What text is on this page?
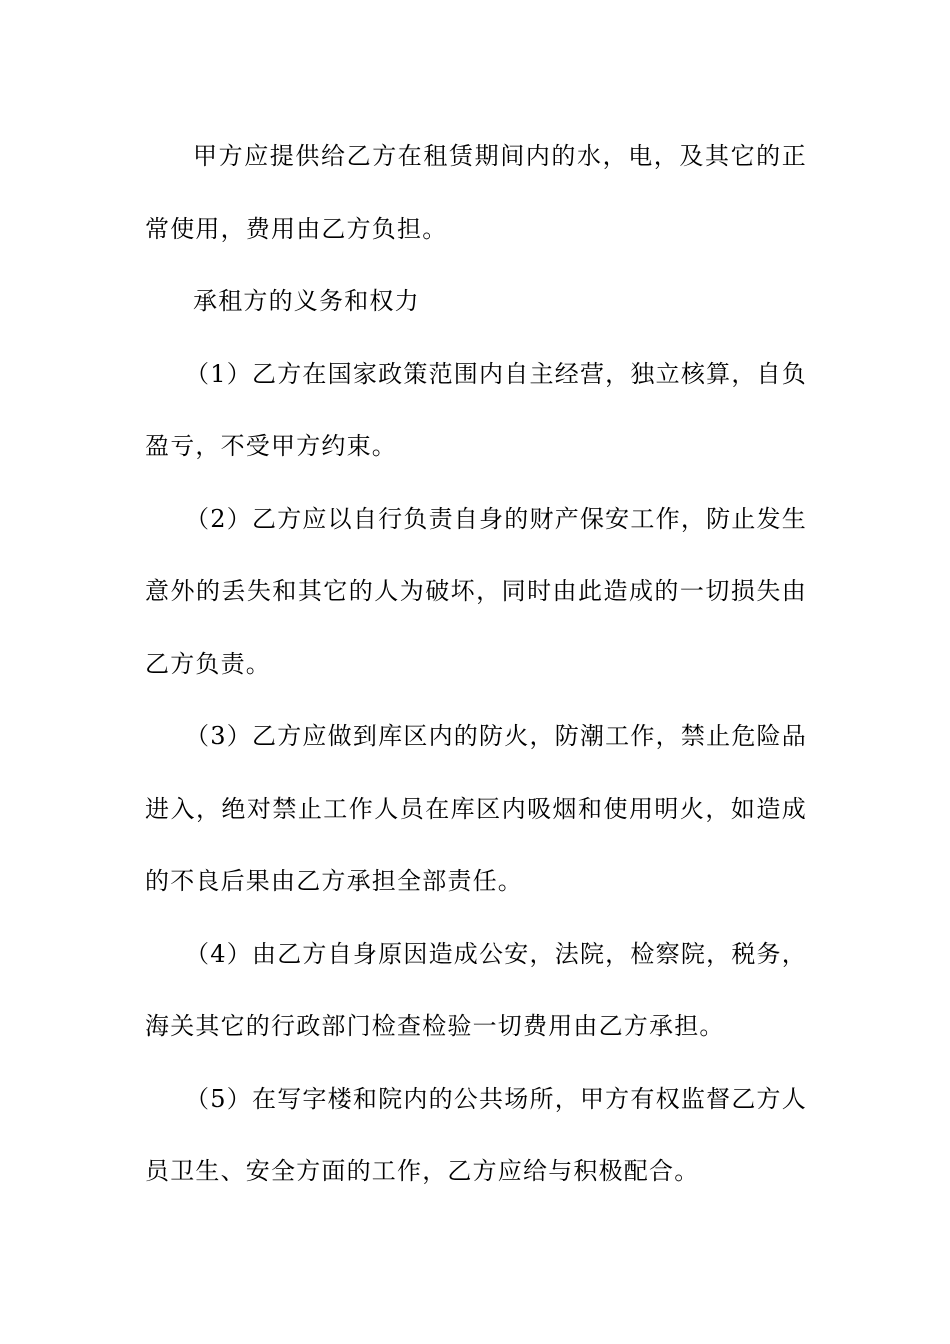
甲方应提供给乙方在租赁期间内的水，电，及其它的正常使用，费用由乙方负担。

承租方的义务和权力

（1）乙方在国家政策范围内自主经营，独立核算，自负盈亏，不受甲方约束。

（2）乙方应以自行负责自身的财产保安工作，防止发生意外的丢失和其它的人为破坏，同时由此造成的一切损失由乙方负责。

（3）乙方应做到库区内的防火，防潮工作，禁止危险品进入，绝对禁止工作人员在库区内吸烟和使用明火，如造成的不良后果由乙方承担全部责任。

（4）由乙方自身原因造成公安，法院，检察院，税务，海关其它的行政部门检查检验一切费用由乙方承担。

（5）在写字楼和院内的公共场所，甲方有权监督乙方人员卫生、安全方面的工作，乙方应给与积极配合。
